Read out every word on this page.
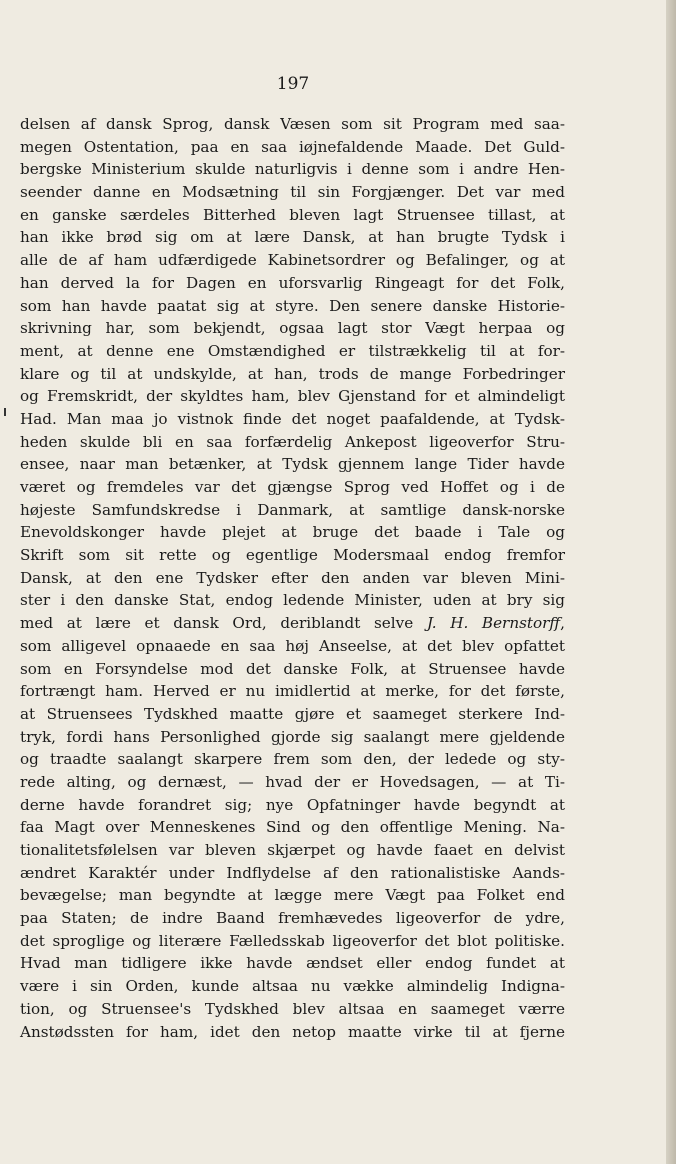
197
delsen af dansk Sprog, dansk Væsen som sit Program med saa-
megen Ostentation, paa en saa iøjnefaldende Maade. Det Guld-
bergske Ministerium skulde naturligvis i denne som i andre Hen-
seender danne en Modsætning til sin Forgjænger. Det var med
en ganske særdeles Bitterhed bleven lagt Struensee tillast, at
han ikke brød sig om at lære Dansk, at han brugte Tydsk i
alle de af ham udfærdigede Kabinetsordrer og Befalinger, og at
han derved la for Dagen en uforsvarlig Ringeagt for det Folk,
som han havde paatat sig at styre. Den senere danske Historie-
skrivning har, som bekjendt, ogsaa lagt stor Vægt herpaa og
ment, at denne ene Omstændighed er tilstrækkelig til at for-
klare og til at undskylde, at han, trods de mange Forbedringer
og Fremskridt, der skyldtes ham, blev Gjenstand for et almindeligt
Had. Man maa jo vistnok finde det noget paafaldende, at Tydsk-
heden skulde bli en saa forfærdelig Ankepost ligeoverfor Stru-
ensee, naar man betænker, at Tydsk gjennem lange Tider havde
været og fremdeles var det gjængse Sprog ved Hoffet og i de
højeste Samfundskredse i Danmark, at samtlige dansk-norske
Enevoldskonger havde plejet at bruge det baade i Tale og
Skrift som sit rette og egentlige Modersmaal endog fremfor
Dansk, at den ene Tydsker efter den anden var bleven Mini-
ster i den danske Stat, endog ledende Minister, uden at bry sig
med at lære et dansk Ord, deriblandt selve J. H. Bernstorff,
som alligevel opnaaede en saa høj Anseelse, at det blev opfattet
som en Forsyndelse mod det danske Folk, at Struensee havde
fortrængt ham. Herved er nu imidlertid at merke, for det første,
at Struensees Tydskhed maatte gjøre et saameget sterkere Ind-
tryk, fordi hans Personlighed gjorde sig saalangt mere gjeldende
og traadte saalangt skarpere frem som den, der ledede og sty-
rede alting, og dernæst, — hvad der er Hovedsagen, — at Ti-
derne havde forandret sig; nye Opfatninger havde begyndt at
faa Magt over Menneskenes Sind og den offentlige Mening. Na-
tionalitetsfølelsen var bleven skjærpet og havde faaet en delvist
ændret Karaktér under Indflydelse af den rationalistiske Aands-
bevægelse; man begyndte at lægge mere Vægt paa Folket end
paa Staten; de indre Baand fremhævedes ligeoverfor de ydre,
det sproglige og literære Fælledsskab ligeoverfor det blot politiske.
Hvad man tidligere ikke havde ændset eller endog fundet at
være i sin Orden, kunde altsaa nu vække almindelig Indigna-
tion, og Struensee's Tydskhed blev altsaa en saameget værre
Anstødssten for ham, idet den netop maatte virke til at fjerne
